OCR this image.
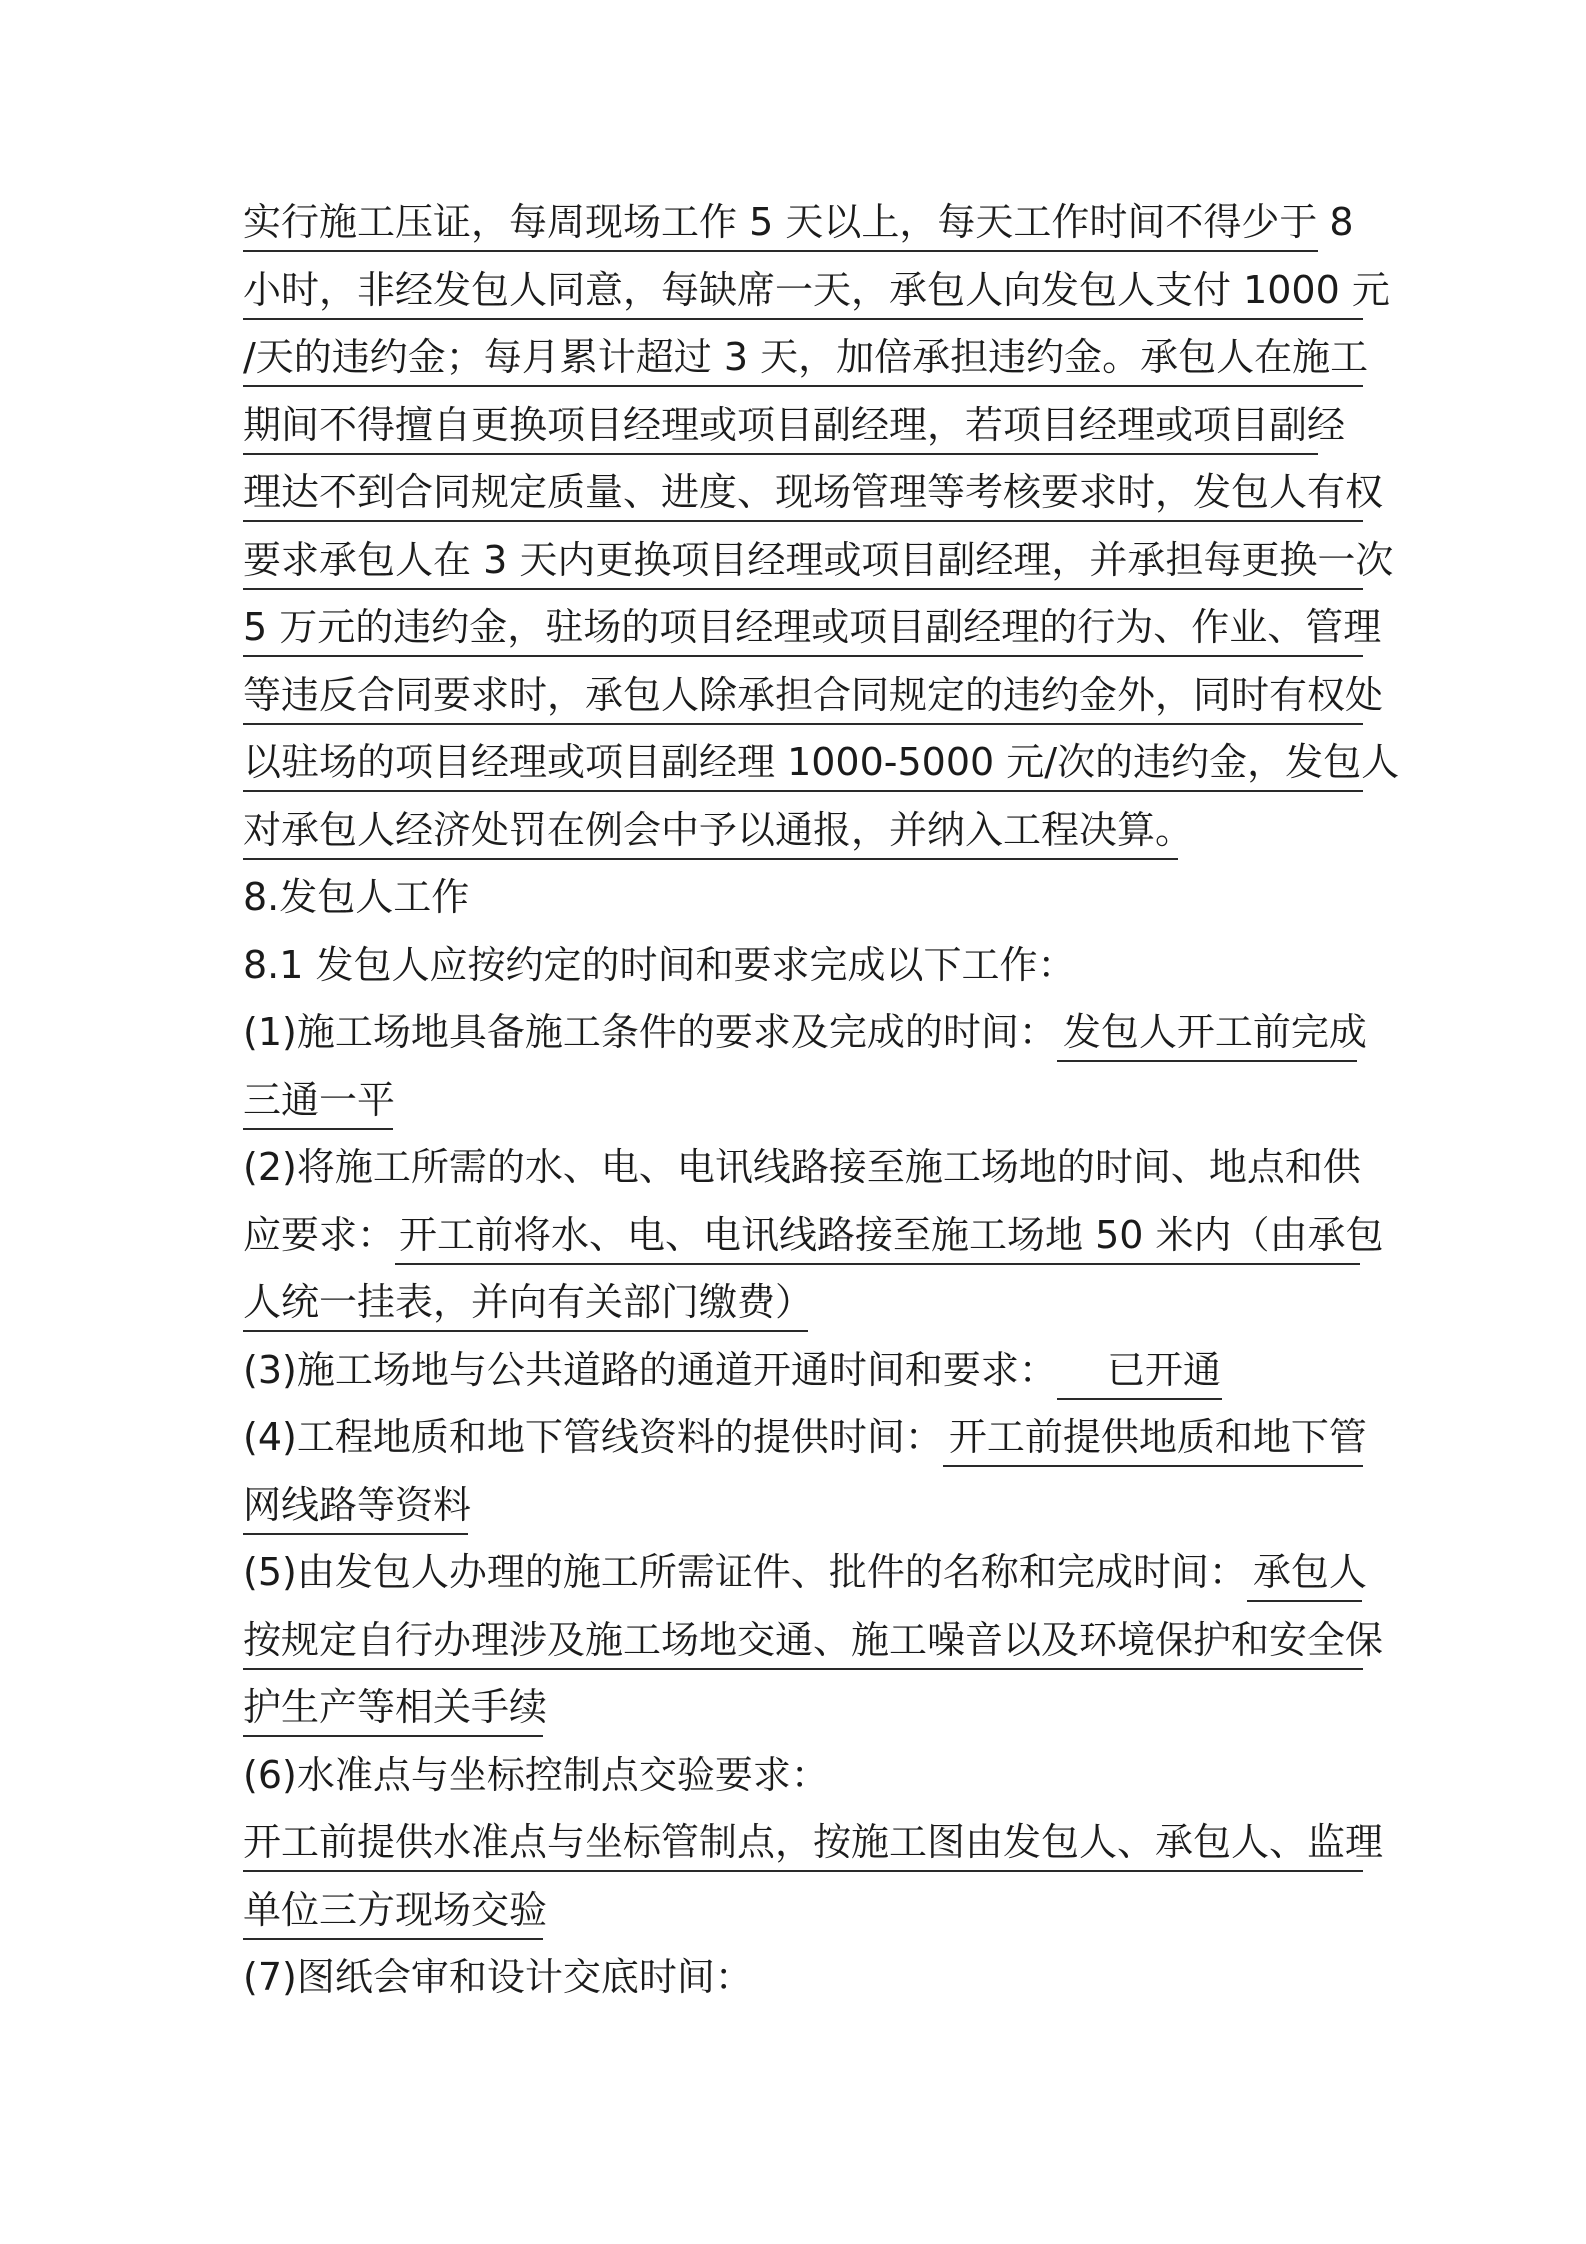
实行施工压证，每周现场工作 5 天以上，每天工作时间不得少于 8
小时，非经发包人同意，每缺席一天，承包人向发包人支付 1000 元
/天的违约金；每月累计超过 3 天，加倍承担违约金。承包人在施工
期间不得擅自更换项目经理或项目副经理，若项目经理或项目副经
理达不到合同规定质量、进度、现场管理等考核要求时，发包人有权
要求承包人在 3 天内更换项目经理或项目副经理，并承担每更换一次
5 万元的违约金，驻场的项目经理或项目副经理的行为、作业、管理
等违反合同要求时，承包人除承担合同规定的违约金外，同时有权处
以驻场的项目经理或项目副经理 1000-5000 元/次的违约金，发包人
对承包人经济处罚在例会中予以通报，并纳入工程决算。
8.发包人工作
8.1 发包人应按约定的时间和要求完成以下工作：
(1)施工场地具备施工条件的要求及完成的时间： 发包人开工前完成
三通一平
(2)将施工所需的水、电、电讯线路接至施工场地的时间、地点和供
应要求： 开工前将水、电、电讯线路接至施工场地 50 米内（由承包
人统一挂表，并向有关部门缴费）
(3)施工场地与公共道路的通道开通时间和要求： 已开通
(4)工程地质和地下管线资料的提供时间： 开工前提供地质和地下管
网线路等资料
(5)由发包人办理的施工所需证件、批件的名称和完成时间： 承包人
按规定自行办理涉及施工场地交通、施工噪音以及环境保护和安全保
护生产等相关手续
(6)水准点与坐标控制点交验要求：
开工前提供水准点与坐标管制点，按施工图由发包人、承包人、监理
单位三方现场交验
(7)图纸会审和设计交底时间：
